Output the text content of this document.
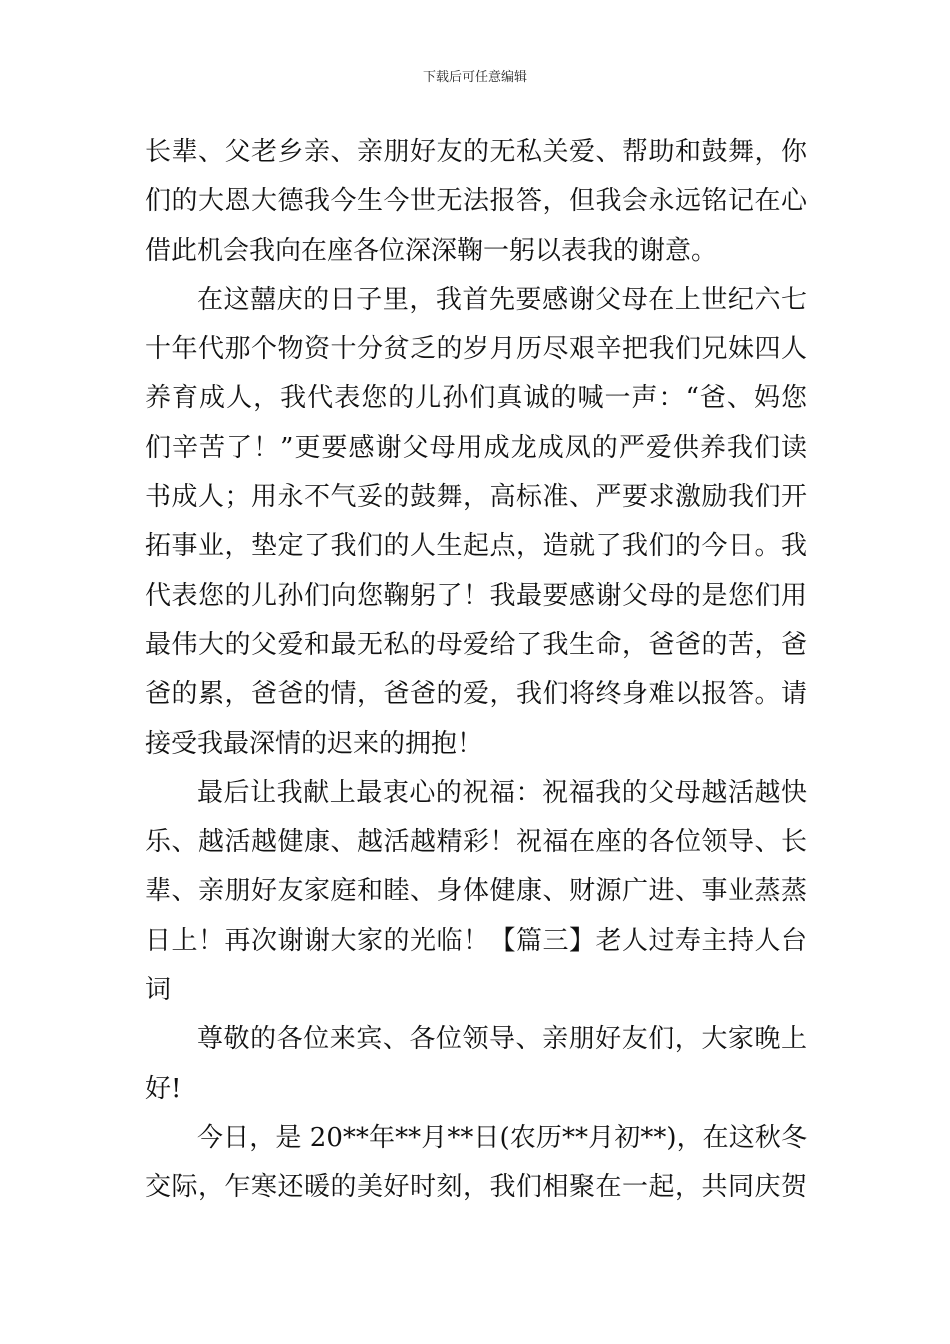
下载后可任意编辑
长辈、父老乡亲、亲朋好友的无私关爱、帮助和鼓舞，你
们的大恩大德我今生今世无法报答，但我会永远铭记在心
借此机会我向在座各位深深鞠一躬以表我的谢意。
在这囍庆的日子里，我首先要感谢父母在上世纪六七
十年代那个物资十分贫乏的岁月历尽艰辛把我们兄妹四人
养育成人，我代表您的儿孙们真诚的喊一声：“爸、妈您
们辛苦了！”更要感谢父母用成龙成凤的严爱供养我们读
书成人；用永不气妥的鼓舞，高标准、严要求激励我们开
拓事业，垫定了我们的人生起点，造就了我们的今日。我
代表您的儿孙们向您鞠躬了！我最要感谢父母的是您们用
最伟大的父爱和最无私的母爱给了我生命，爸爸的苦，爸
爸的累，爸爸的情，爸爸的爱，我们将终身难以报答。请
接受我最深情的迟来的拥抱！
最后让我献上最衷心的祝福：祝福我的父母越活越快
乐、越活越健康、越活越精彩！祝福在座的各位领导、长
辈、亲朋好友家庭和睦、身体健康、财源广进、事业蒸蒸
日上！再次谢谢大家的光临！【篇三】老人过寿主持人台
词
尊敬的各位来宾、各位领导、亲朋好友们，大家晚上
好!
今日，是 20**年**月**日(农历**月初**)，在这秋冬
交际，乍寒还暖的美好时刻，我们相聚在一起，共同庆贺
